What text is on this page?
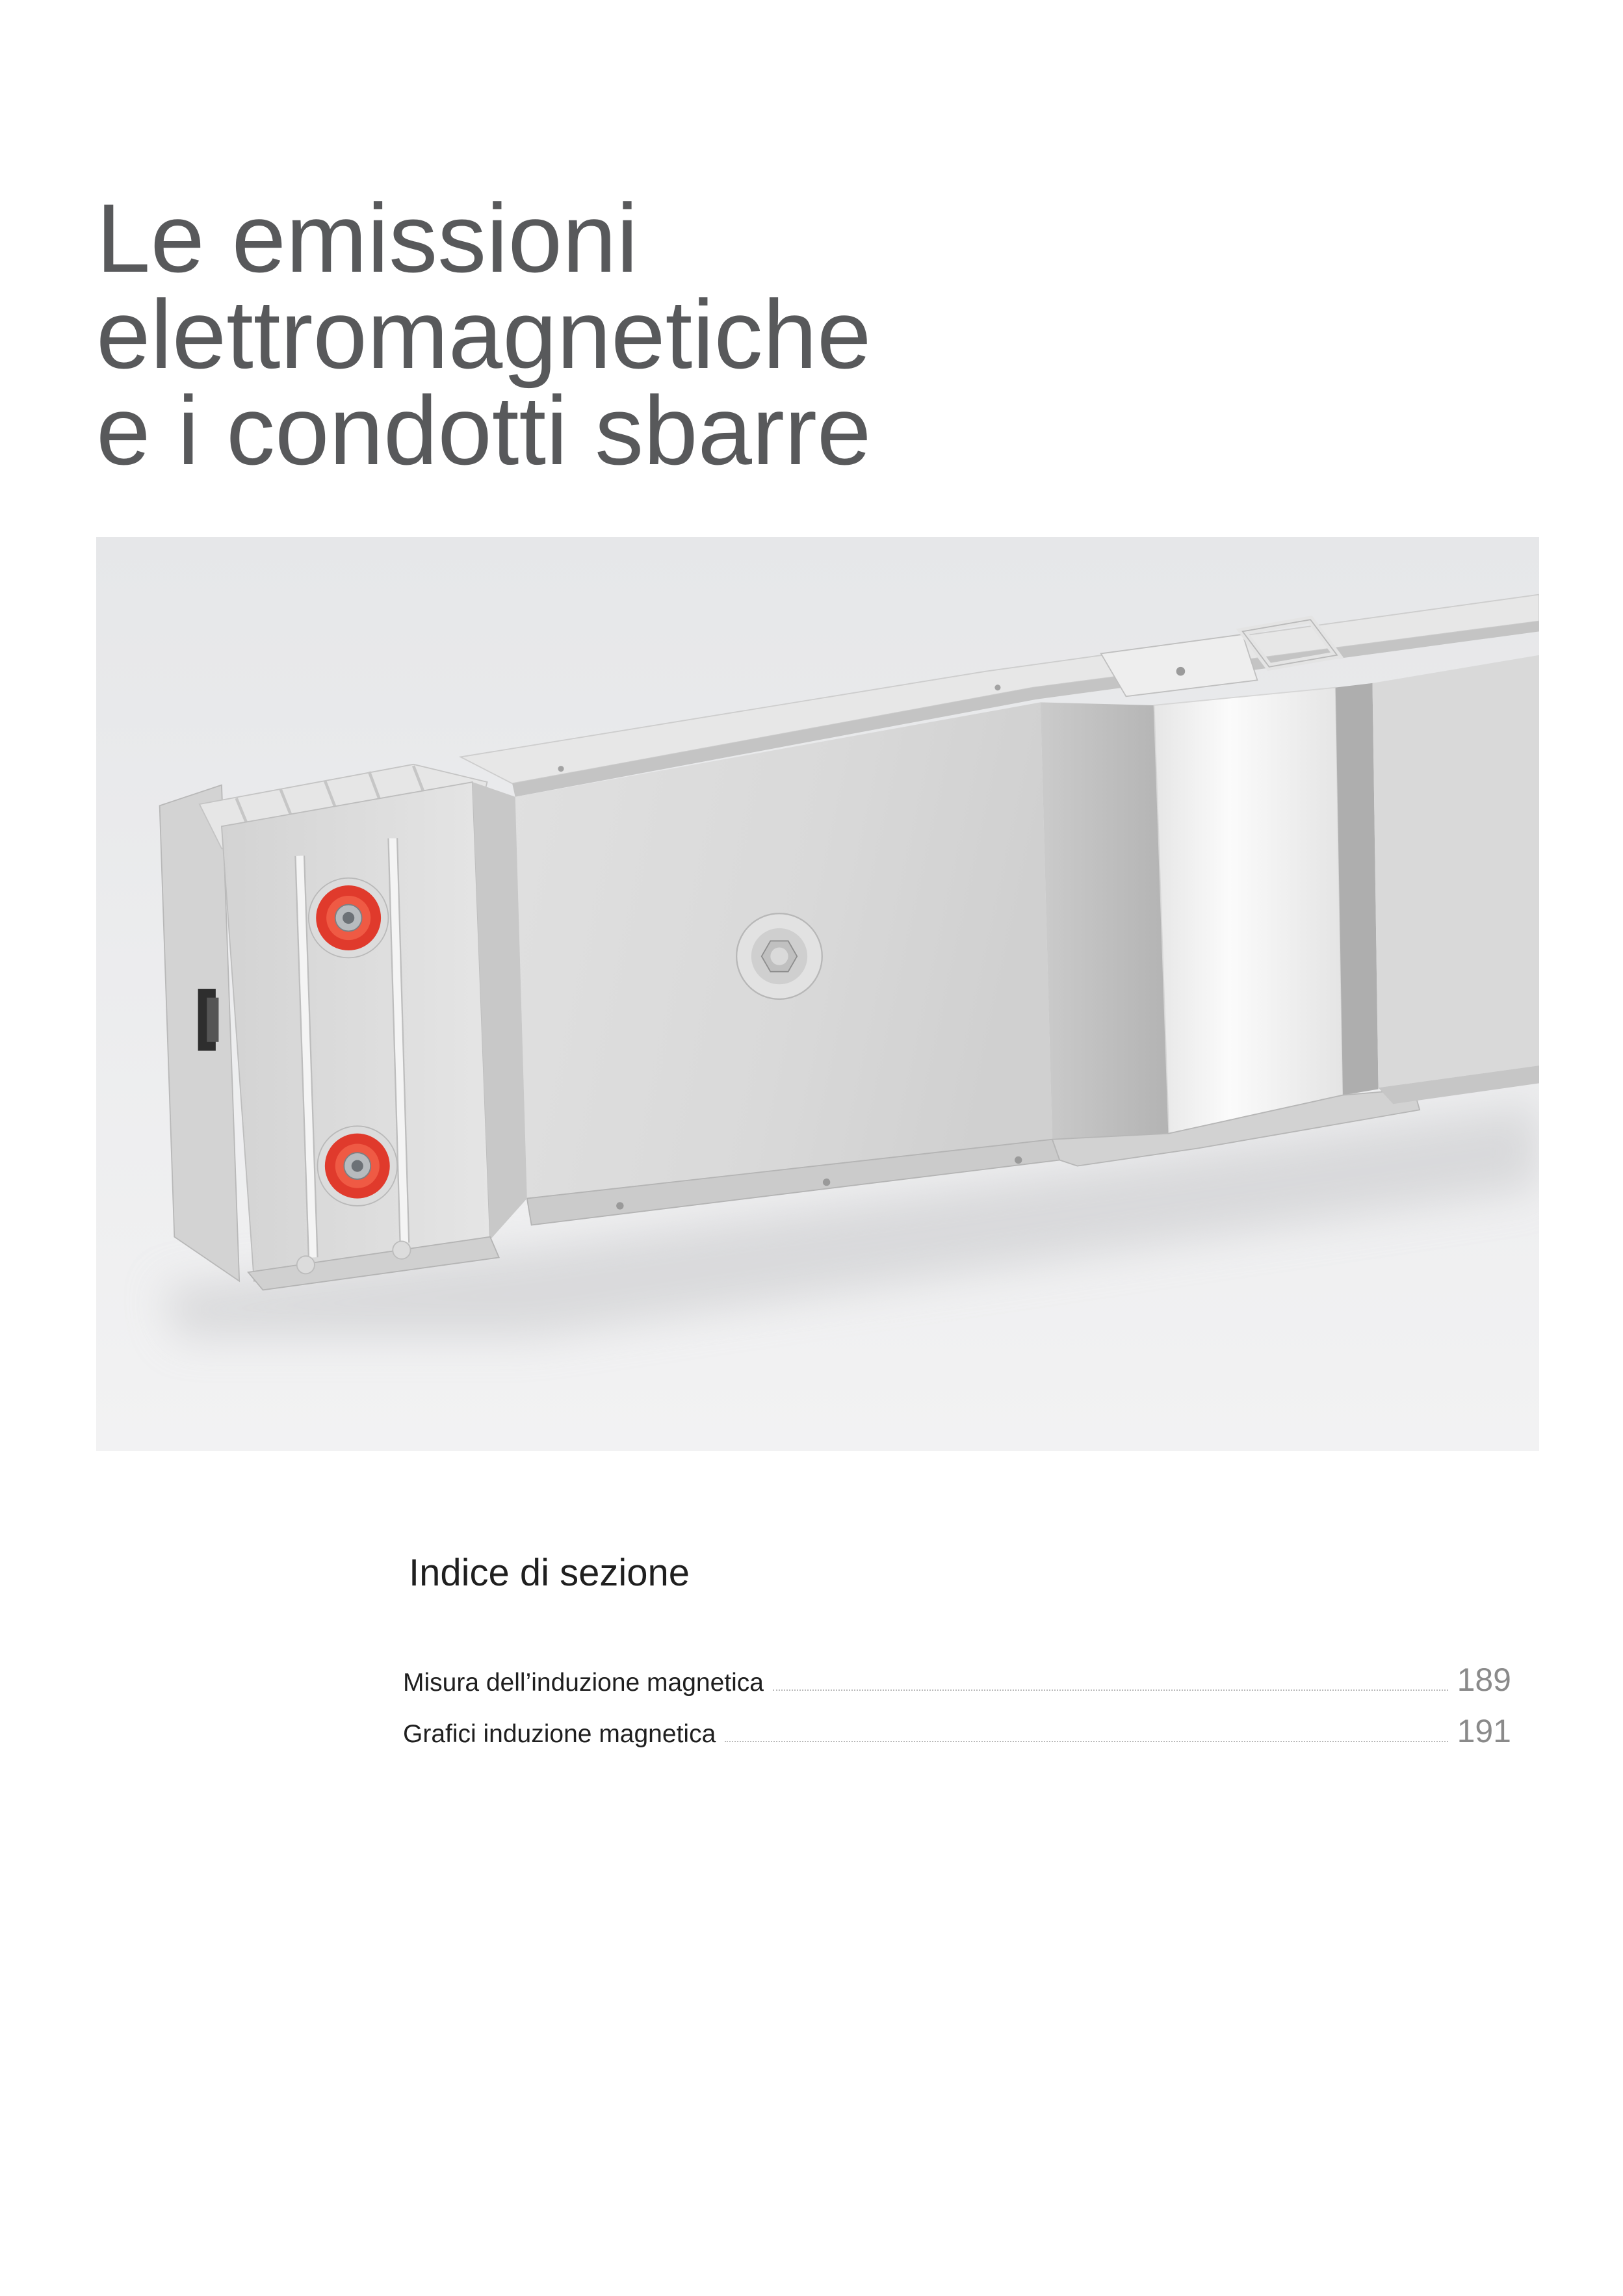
Le emissioni
elettromagnetiche
e i condotti sbarre
Indice di sezione
Misura dell’induzione magnetica	189
Grafici induzione magnetica	191
